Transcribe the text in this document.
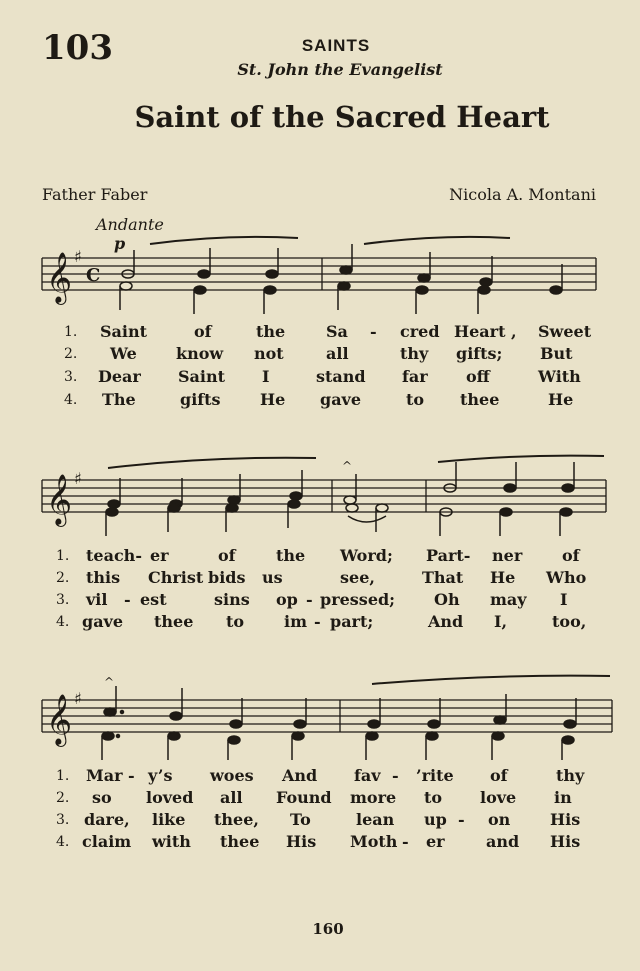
103	SAINTS
St. John the Evangelist
Saint of the Sacred Heart
Father Faber	Nicola A. Montani
Andante
p
𝄞 ♯
C
1. Saint	of	the	Sa - cred Heart , Sweet
2. We know not	all	thy gifts; But
3. Dear Saint I	stand far off	With
4. The	gifts He gave	to thee	He
𝄞 ♯
^
1. teach- er	of	the Word; Part- ner of
2. this Christ bids us	see,	That He Who
3. vil - est	sins op - pressed; Oh may I
4. gave thee to im - part;	And I,	too,
𝄞 ♯
^
1. Mar - y’s woes And fav - ’rite of	thy
2. so loved all Found more to love in
3. dare, like thee, To	lean up - on His
4. claim with thee His Moth - er	and His
160
